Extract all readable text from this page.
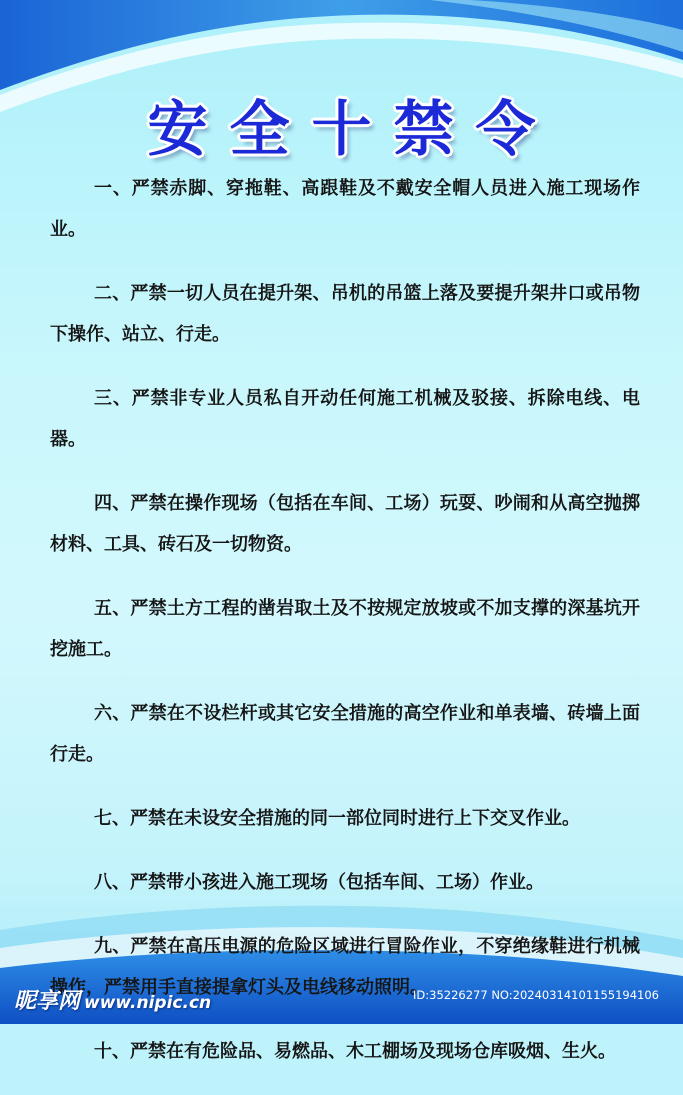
安全十禁令

一、严禁赤脚、穿拖鞋、高跟鞋及不戴安全帽人员进入施工现场作业。

二、严禁一切人员在提升架、吊机的吊篮上落及要提升架井口或吊物下操作、站立、行走。

三、严禁非专业人员私自开动任何施工机械及驳接、拆除电线、电器。

四、严禁在操作现场（包括在车间、工场）玩耍、吵闹和从高空抛掷材料、工具、砖石及一切物资。

五、严禁土方工程的凿岩取土及不按规定放坡或不加支撑的深基坑开挖施工。

六、严禁在不设栏杆或其它安全措施的高空作业和单表墙、砖墙上面行走。

七、严禁在未设安全措施的同一部位同时进行上下交叉作业。

八、严禁带小孩进入施工现场（包括车间、工场）作业。

九、严禁在高压电源的危险区域进行冒险作业，不穿绝缘鞋进行机械操作，严禁用手直接提拿灯头及电线移动照明。

十、严禁在有危险品、易燃品、木工棚场及现场仓库吸烟、生火。

昵享网 www.nipic.cn	ID:35226277 NO:20240314101155194106
